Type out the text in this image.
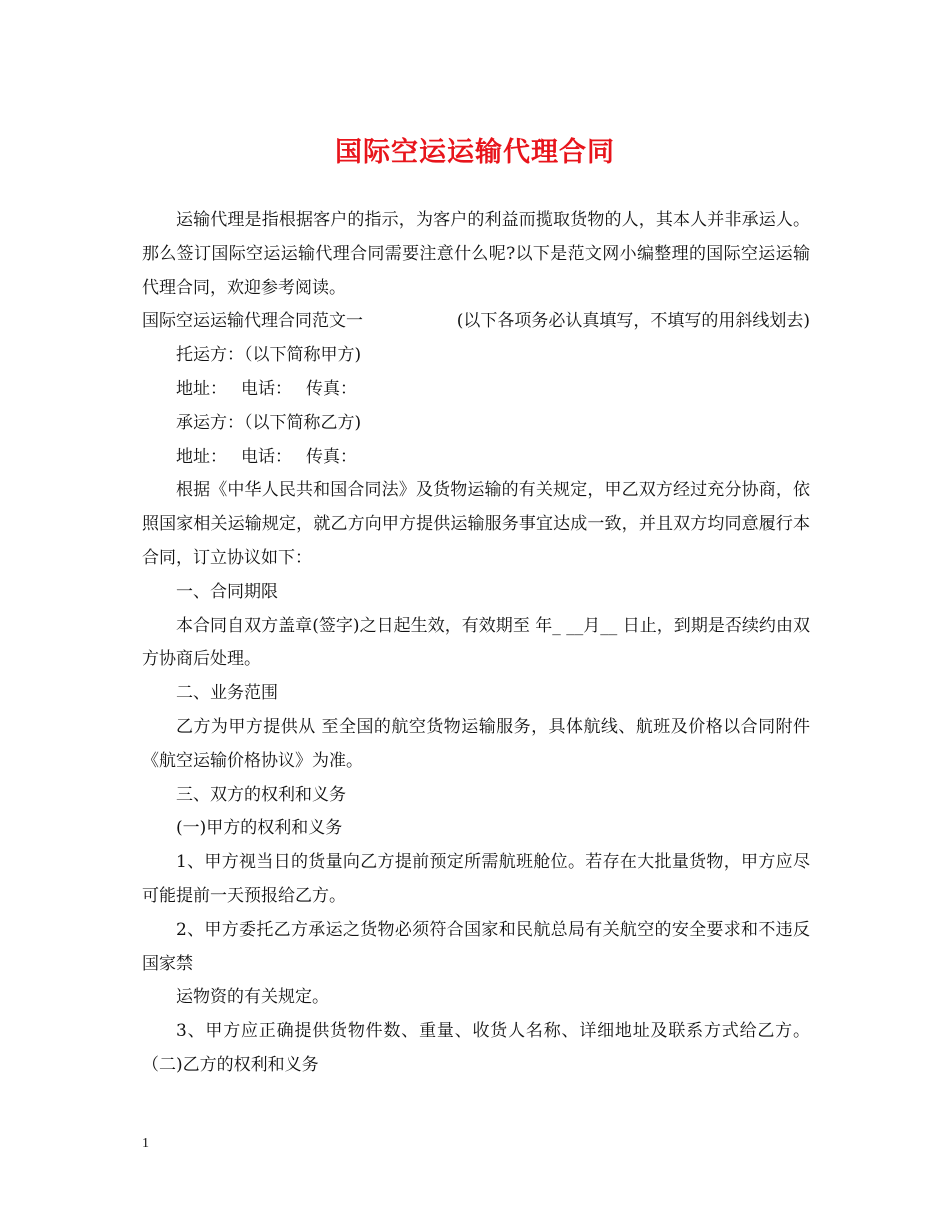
国际空运运输代理合同

运输代理是指根据客户的指示，为客户的利益而揽取货物的人，其本人并非承运人。那么签订国际空运运输代理合同需要注意什么呢?以下是范文网小编整理的国际空运运输代理合同，欢迎参考阅读。

国际空运运输代理合同范文一	(以下各项务必认真填写，不填写的用斜线划去)

托运方：（以下简称甲方)

地址： 电话： 传真：

承运方：（以下简称乙方)

地址： 电话： 传真：

根据《中华人民共和国合同法》及货物运输的有关规定，甲乙双方经过充分协商，依照国家相关运输规定，就乙方向甲方提供运输服务事宜达成一致，并且双方均同意履行本合同，订立协议如下：

一、合同期限

本合同自双方盖章(签字)之日起生效，有效期至 年_ __月__ 日止，到期是否续约由双方协商后处理。

二、业务范围

乙方为甲方提供从 至全国的航空货物运输服务，具体航线、航班及价格以合同附件《航空运输价格协议》为准。

三、双方的权利和义务

(一)甲方的权利和义务

1、甲方视当日的货量向乙方提前预定所需航班舱位。若存在大批量货物，甲方应尽可能提前一天预报给乙方。

2、甲方委托乙方承运之货物必须符合国家和民航总局有关航空的安全要求和不违反国家禁

运物资的有关规定。

3、甲方应正确提供货物件数、重量、收货人名称、详细地址及联系方式给乙方。（二)乙方的权利和义务

1
